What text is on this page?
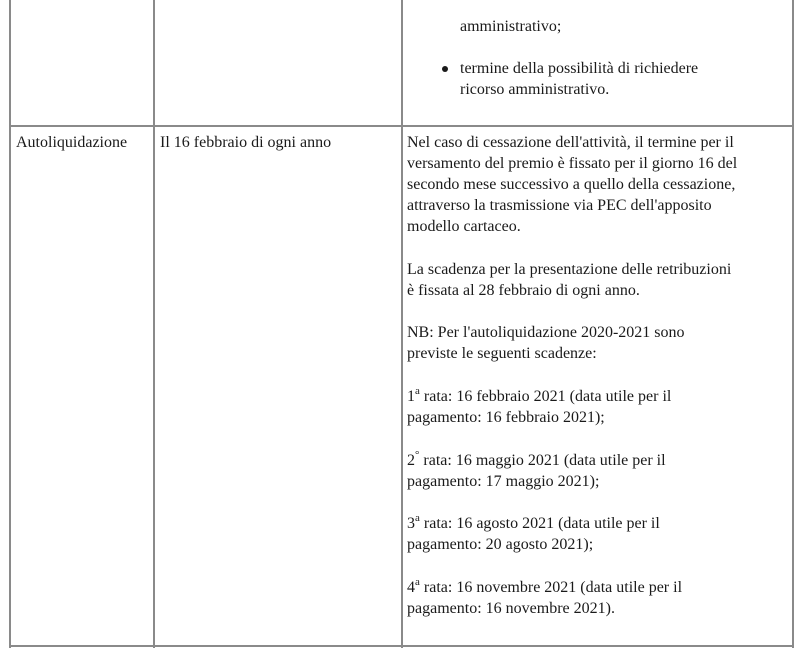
amministrativo;
termine della possibilità di richiedere
ricorso amministrativo.
Autoliquidazione Il 16 febbraio di ogni anno	Nel caso di cessazione dell'attività, il termine per il
versamento del premio è fissato per il giorno 16 del
secondo mese successivo a quello della cessazione,
attraverso la trasmissione via PEC dell'apposito
modello cartaceo.
La scadenza per la presentazione delle retribuzioni
è fissata al 28 febbraio di ogni anno.
NB: Per l'autoliquidazione 2020-2021 sono
previste le seguenti scadenze:
1$^a$ rata: 16 febbraio 2021 (data utile per il
pagamento: 16 febbraio 2021);
2° rata: 16 maggio 2021 (data utile per il
pagamento: 17 maggio 2021);
3$^a$ rata: 16 agosto 2021 (data utile per il
pagamento: 20 agosto 2021);
4$^a$ rata: 16 novembre 2021 (data utile per il
pagamento: 16 novembre 2021).
